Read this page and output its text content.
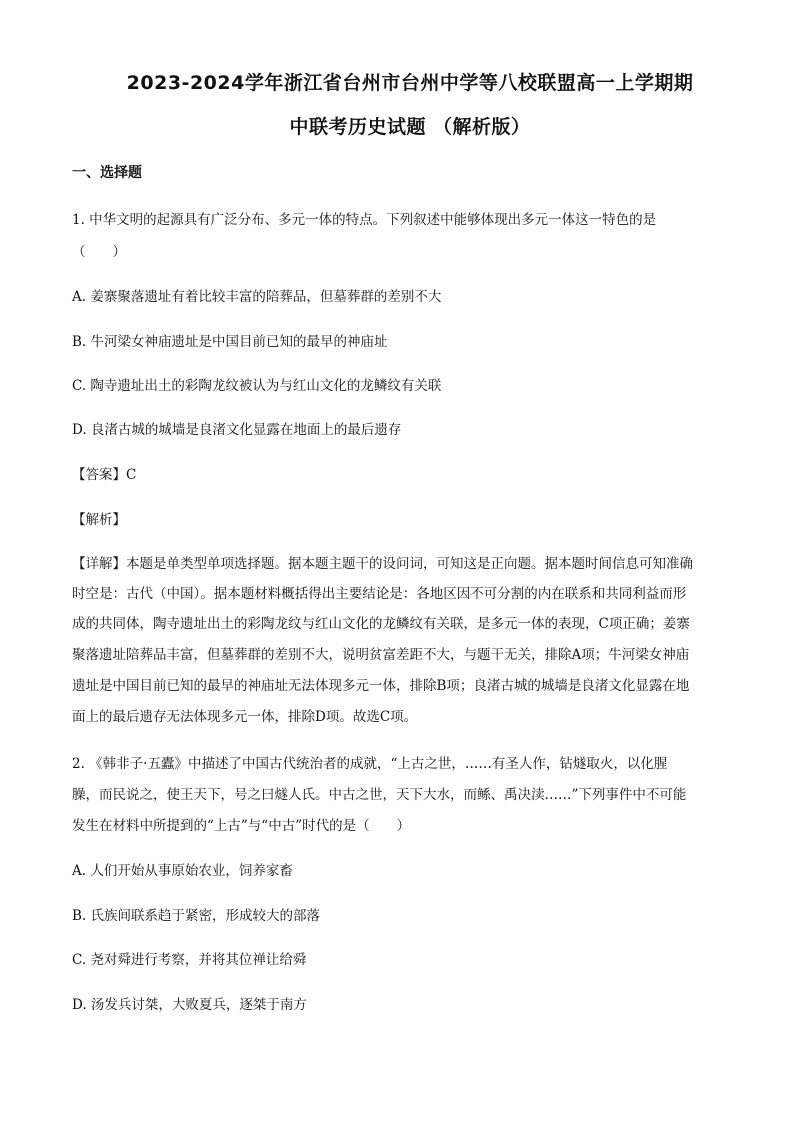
2023-2024学年浙江省台州市台州中学等八校联盟高一上学期期
中联考历史试题 （解析版）
一、选择题
1. 中华文明的起源具有广泛分布、多元一体的特点。下列叙述中能够体现出多元一体这一特色的是
（　　）
A. 姜寨聚落遗址有着比较丰富的陪葬品，但墓葬群的差别不大
B. 牛河梁女神庙遗址是中国目前已知的最早的神庙址
C. 陶寺遗址出土的彩陶龙纹被认为与红山文化的龙鳞纹有关联
D. 良渚古城的城墙是良渚文化显露在地面上的最后遗存
【答案】C
【解析】
【详解】本题是单类型单项选择题。据本题主题干的设问词，可知这是正向题。据本题时间信息可知准确
时空是：古代（中国）。据本题材料概括得出主要结论是：各地区因不可分割的内在联系和共同利益而形
成的共同体，陶寺遗址出土的彩陶龙纹与红山文化的龙鳞纹有关联，是多元一体的表现，C项正确；姜寨
聚落遗址陪葬品丰富，但墓葬群的差别不大，说明贫富差距不大，与题干无关，排除A项；牛河梁女神庙
遗址是中国目前已知的最早的神庙址无法体现多元一体，排除B项；良渚古城的城墙是良渚文化显露在地
面上的最后遗存无法体现多元一体，排除D项。故选C项。
2. 《韩非子·五蠹》中描述了中国古代统治者的成就，“上古之世，……有圣人作，钻燧取火，以化腥
臊，而民说之，使王天下，号之曰燧人氏。中古之世，天下大水，而鲧、禹决渎……”下列事件中不可能
发生在材料中所提到的“上古”与“中古”时代的是（　　）
A. 人们开始从事原始农业，饲养家畜
B. 氏族间联系趋于紧密，形成较大的部落
C. 尧对舜进行考察，并将其位禅让给舜
D. 汤发兵讨桀，大败夏兵，逐桀于南方
